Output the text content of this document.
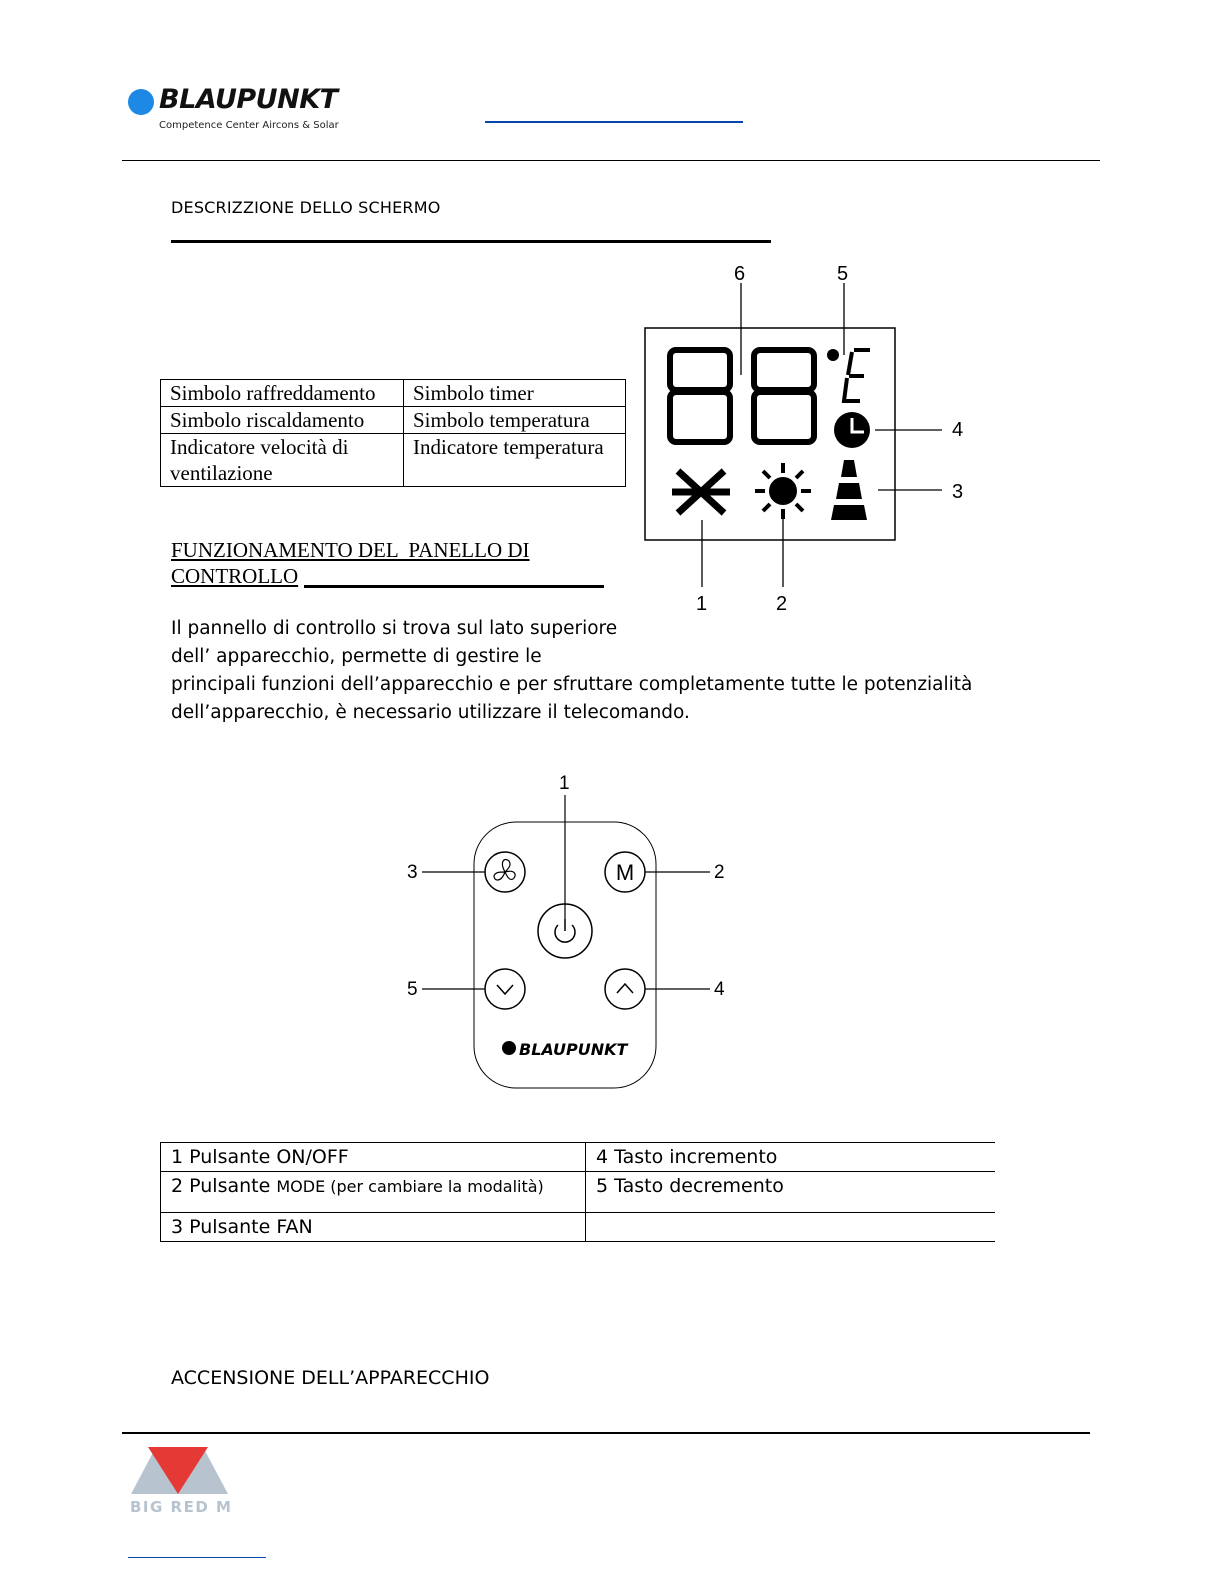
BLAUPUNKT
Competence Center Aircons & Solar
DESCRIZZIONE DELLO SCHERMO
Simbolo raffreddamento	Simbolo timer
Simbolo riscaldamento	Simbolo temperatura
Indicatore velocità di ventilazione	Indicatore temperatura
6	5
4
3
1	2
FUNZIONAMENTO DEL  PANELLO DI
CONTROLLO
Il pannello di controllo si trova sul lato superiore
dell’ apparecchio, permette di gestire le
principali funzioni dell’apparecchio e per sfruttare completamente tutte le potenzialità
dell’apparecchio, è necessario utilizzare il telecomando.
M
BLAUPUNKT
1
2
3
4
5
1 Pulsante ON/OFF	4 Tasto incremento
2 Pulsante MODE (per cambiare la modalità)	5 Tasto decremento
3 Pulsante FAN
ACCENSIONE DELL’APPARECCHIO
BIG RED M
